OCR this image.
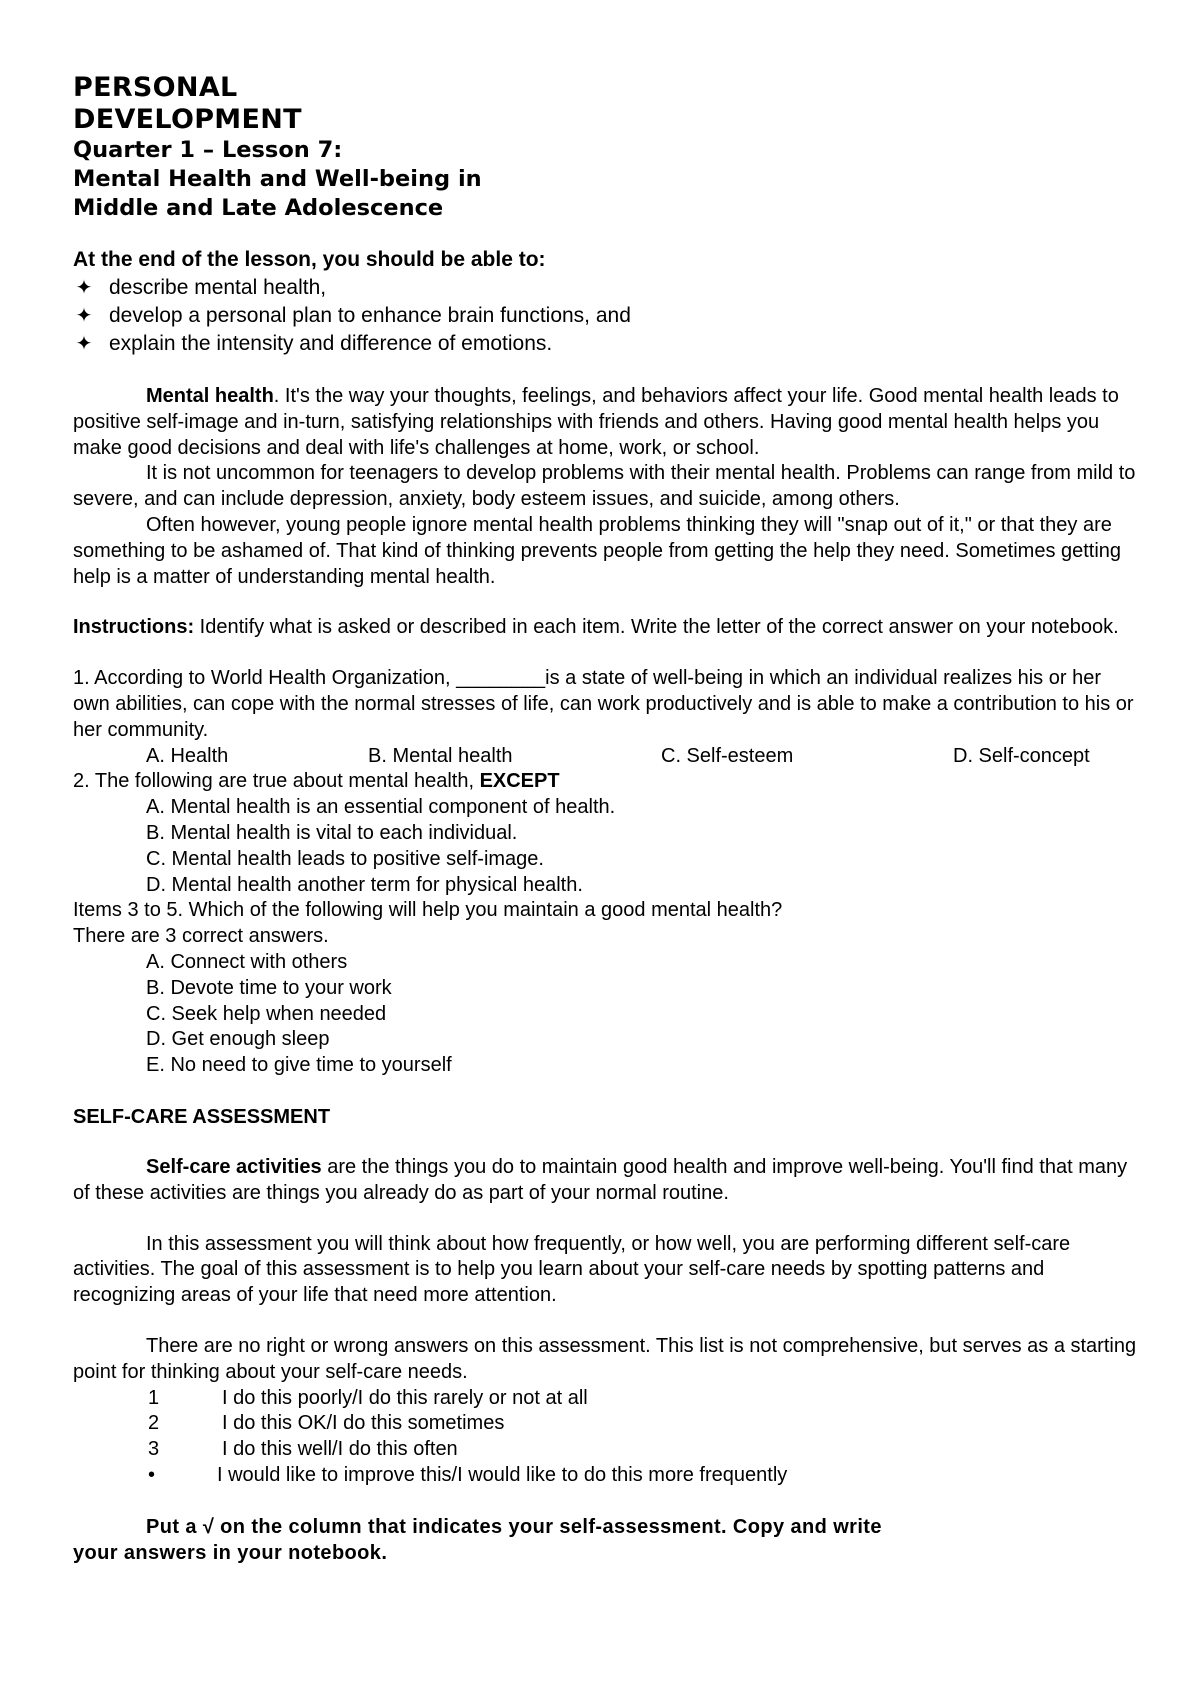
PERSONAL

DEVELOPMENT

Quarter 1 – Lesson 7:

Mental Health and Well-being in

Middle and Late Adolescence

At the end of the lesson, you should be able to:
✦ describe mental health,
✦ develop a personal plan to enhance brain functions, and
✦ explain the intensity and difference of emotions.

Mental health. It's the way your thoughts, feelings, and behaviors affect your life. Good mental health leads to positive self-image and in-turn, satisfying relationships with friends and others. Having good mental health helps you make good decisions and deal with life's challenges at home, work, or school.

It is not uncommon for teenagers to develop problems with their mental health. Problems can range from mild to severe, and can include depression, anxiety, body esteem issues, and suicide, among others.

Often however, young people ignore mental health problems thinking they will "snap out of it," or that they are something to be ashamed of. That kind of thinking prevents people from getting the help they need. Sometimes getting help is a matter of understanding mental health.

Instructions: Identify what is asked or described in each item. Write the letter of the correct answer on your notebook.

1. According to World Health Organization, ________is a state of well-being in which an individual realizes his or her own abilities, can cope with the normal stresses of life, can work productively and is able to make a contribution to his or her community.

A. Health	B. Mental health	C. Self-esteem	D. Self-concept

2. The following are true about mental health, EXCEPT

A. Mental health is an essential component of health.

B. Mental health is vital to each individual.

C. Mental health leads to positive self-image.

D. Mental health another term for physical health.

Items 3 to 5. Which of the following will help you maintain a good mental health?

There are 3 correct answers.

A. Connect with others

B. Devote time to your work

C. Seek help when needed

D. Get enough sleep

E. No need to give time to yourself

SELF-CARE ASSESSMENT

Self-care activities are the things you do to maintain good health and improve well-being. You'll find that many of these activities are things you already do as part of your normal routine.

In this assessment you will think about how frequently, or how well, you are performing different self-care activities. The goal of this assessment is to help you learn about your self-care needs by spotting patterns and recognizing areas of your life that need more attention.

There are no right or wrong answers on this assessment. This list is not comprehensive, but serves as a starting point for thinking about your self-care needs.

1	I do this poorly/I do this rarely or not at all
2	I do this OK/I do this sometimes
3	I do this well/I do this often
•	I would like to improve this/I would like to do this more frequently

Put a √ on the column that indicates your self-assessment. Copy and write

your answers in your notebook.
